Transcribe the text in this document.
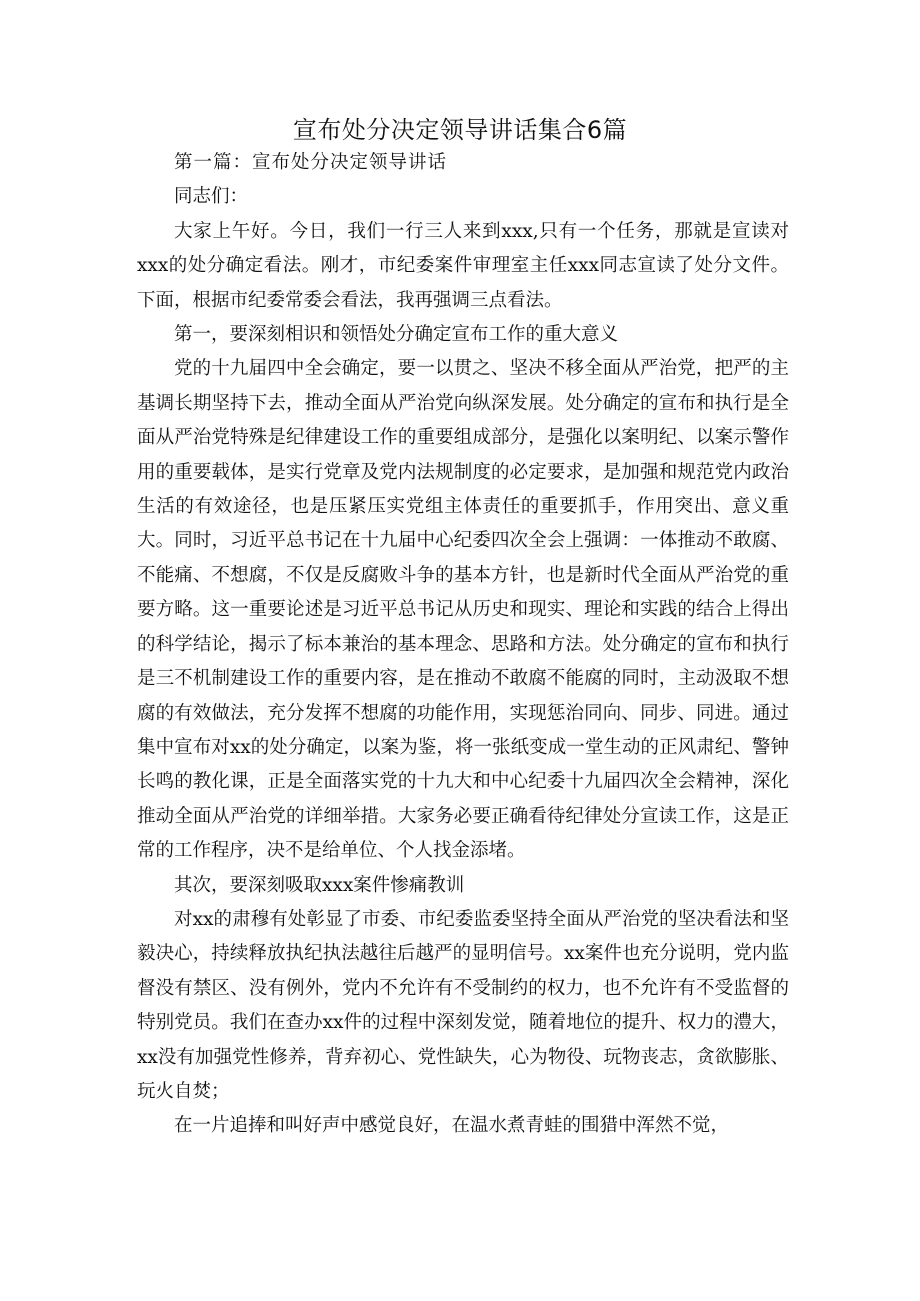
宣布处分决定领导讲话集合6篇

第一篇：宣布处分决定领导讲话

同志们：

大家上午好。今日，我们一行三人来到xxx,只有一个任务，那就是宣读对xxx的处分确定看法。刚才，市纪委案件审理室主任xxx同志宣读了处分文件。下面，根据市纪委常委会看法，我再强调三点看法。

第一，要深刻相识和领悟处分确定宣布工作的重大意义

党的十九届四中全会确定，要一以贯之、坚决不移全面从严治党，把严的主基调长期坚持下去，推动全面从严治党向纵深发展。处分确定的宣布和执行是全面从严治党特殊是纪律建设工作的重要组成部分，是强化以案明纪、以案示警作用的重要载体，是实行党章及党内法规制度的必定要求，是加强和规范党内政治生活的有效途径，也是压紧压实党组主体责任的重要抓手，作用突出、意义重大。同时，习近平总书记在十九届中心纪委四次全会上强调：一体推动不敢腐、不能痛、不想腐，不仅是反腐败斗争的基本方针，也是新时代全面从严治党的重要方略。这一重要论述是习近平总书记从历史和现实、理论和实践的结合上得出的科学结论，揭示了标本兼治的基本理念、思路和方法。处分确定的宣布和执行是三不机制建设工作的重要内容，是在推动不敢腐不能腐的同时，主动汲取不想腐的有效做法，充分发挥不想腐的功能作用，实现惩治同向、同步、同进。通过集中宣布对xx的处分确定，以案为鉴，将一张纸变成一堂生动的正风肃纪、警钟长鸣的教化课，正是全面落实党的十九大和中心纪委十九届四次全会精神，深化推动全面从严治党的详细举措。大家务必要正确看待纪律处分宣读工作，这是正常的工作程序，决不是给单位、个人找金添堵。

其次，要深刻吸取xxx案件惨痛教训

对xx的肃穆有处彰显了市委、市纪委监委坚持全面从严治党的坚决看法和坚毅决心，持续释放执纪执法越往后越严的显明信号。xx案件也充分说明，党内监督没有禁区、没有例外，党内不允许有不受制约的权力，也不允许有不受监督的特别党员。我们在查办xx件的过程中深刻发觉，随着地位的提升、权力的澧大，xx没有加强党性修养，背弃初心、党性缺失，心为物役、玩物丧志，贪欲膨胀、玩火自焚；

在一片追捧和叫好声中感觉良好，在温水煮青蛙的围猎中浑然不觉，
